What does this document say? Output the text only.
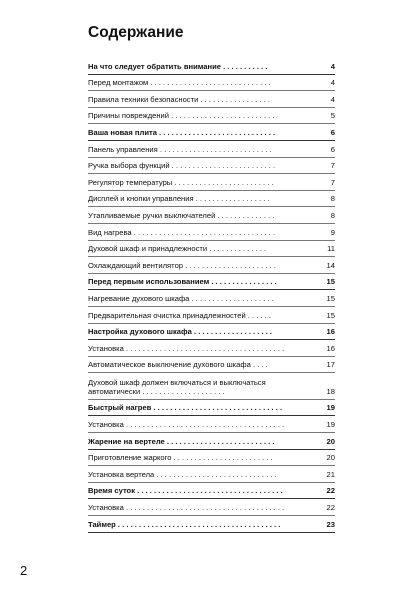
Содержание
На что следует обратить внимание . . . . . . . . . . .	4
Перед монтажом . . . . . . . . . . . . . . . . . . . . . . . . . . . . .	4
Правила техники безопасности . . . . . . . . . . . . . . . . .	4
Причины повреждений . . . . . . . . . . . . . . . . . . . . . . . . .	5
Ваша новая плита . . . . . . . . . . . . . . . . . . . . . . . . . . . .	6
Панель управления . . . . . . . . . . . . . . . . . . . . . . . . . . .	6
Ручка выбора функций . . . . . . . . . . . . . . . . . . . . . . . . .	7
Регулятор температуры . . . . . . . . . . . . . . . . . . . . . . . .	7
Дисплей и кнопки управления . . . . . . . . . . . . . . . . . .	8
Утапливаемые ручки выключателей . . . . . . . . . . . . . .	8
Вид нагрева . . . . . . . . . . . . . . . . . . . . . . . . . . . . . . . . . .	9
Духовой шкаф и принадлежности . . . . . . . . . . . . . .	11
Охлаждающий вентилятор . . . . . . . . . . . . . . . . . . . . . .	14
Перед первым использованием . . . . . . . . . . . . . . . .	15
Нагревание духового шкафа . . . . . . . . . . . . . . . . . . . .	15
Предварительная очистка принадлежностей . . . . . .	15
Настройка духового шкафа . . . . . . . . . . . . . . . . . . .	16
Установка . . . . . . . . . . . . . . . . . . . . . . . . . . . . . . . . . . . . . .	16
Автоматическое выключение духового шкафа . . . .	17
Духовой шкаф должен включаться и выключаться автоматически . . . . . . . . . . . . . . . . . . . .	18
Быстрый нагрев . . . . . . . . . . . . . . . . . . . . . . . . . . . . . . .	19
Установка . . . . . . . . . . . . . . . . . . . . . . . . . . . . . . . . . . . . . .	19
Жарение на вертеле . . . . . . . . . . . . . . . . . . . . . . . . . .	20
Приготовление жаркого . . . . . . . . . . . . . . . . . . . . . . . .	20
Установка вертела . . . . . . . . . . . . . . . . . . . . . . . . . . . . .	21
Время суток . . . . . . . . . . . . . . . . . . . . . . . . . . . . . . . . . . .	22
Установка . . . . . . . . . . . . . . . . . . . . . . . . . . . . . . . . . . . . . .	22
Таймер . . . . . . . . . . . . . . . . . . . . . . . . . . . . . . . . . . . . . . .	23
2
